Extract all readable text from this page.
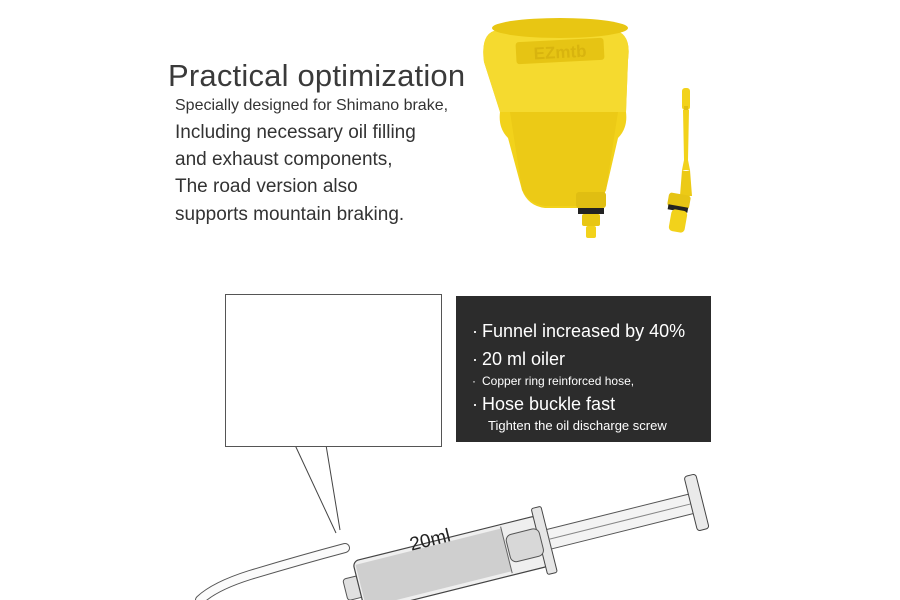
EZmtb
20ml
Practical optimization
Specially designed for Shimano brake,
Including necessary oil filling
and exhaust components,
The road version also
supports mountain braking.
· Funnel increased by 40%
· 20 ml oiler
· Copper ring reinforced hose,
· Hose buckle fast
Tighten the oil discharge screw
